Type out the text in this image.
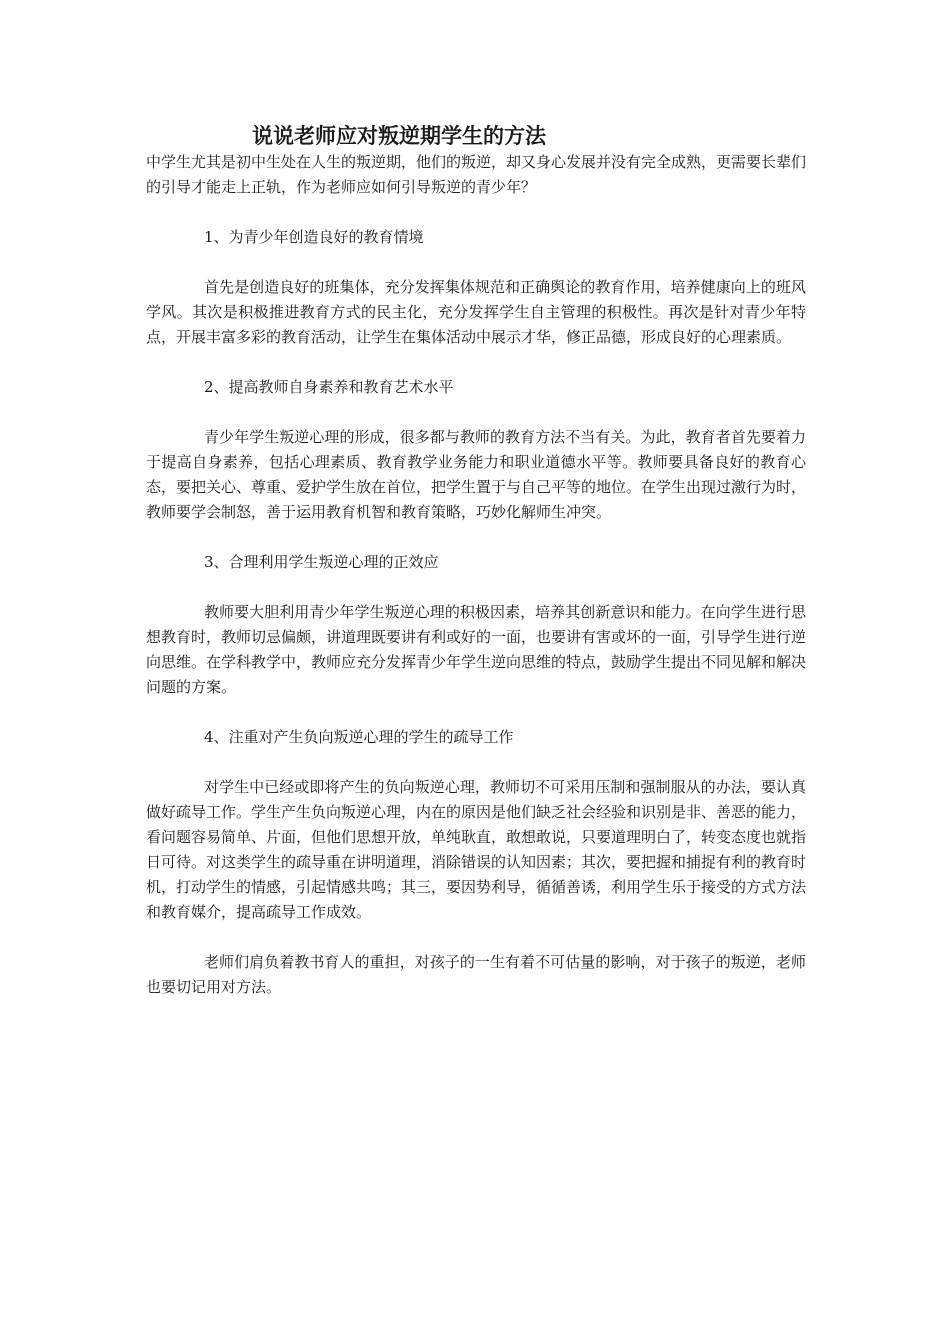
说说老师应对叛逆期学生的方法

中学生尤其是初中生处在人生的叛逆期，他们的叛逆，却又身心发展并没有完全成熟，更需要长辈们的引导才能走上正轨，作为老师应如何引导叛逆的青少年？

1、为青少年创造良好的教育情境

首先是创造良好的班集体，充分发挥集体规范和正确舆论的教育作用，培养健康向上的班风学风。其次是积极推进教育方式的民主化，充分发挥学生自主管理的积极性。再次是针对青少年特点，开展丰富多彩的教育活动，让学生在集体活动中展示才华，修正品德，形成良好的心理素质。

2、提高教师自身素养和教育艺术水平

青少年学生叛逆心理的形成，很多都与教师的教育方法不当有关。为此，教育者首先要着力于提高自身素养，包括心理素质、教育教学业务能力和职业道德水平等。教师要具备良好的教育心态，要把关心、尊重、爱护学生放在首位，把学生置于与自己平等的地位。在学生出现过激行为时，教师要学会制怒，善于运用教育机智和教育策略，巧妙化解师生冲突。

3、合理利用学生叛逆心理的正效应

教师要大胆利用青少年学生叛逆心理的积极因素，培养其创新意识和能力。在向学生进行思想教育时，教师切忌偏颇，讲道理既要讲有利或好的一面，也要讲有害或坏的一面，引导学生进行逆向思维。在学科教学中，教师应充分发挥青少年学生逆向思维的特点，鼓励学生提出不同见解和解决问题的方案。

4、注重对产生负向叛逆心理的学生的疏导工作

对学生中已经或即将产生的负向叛逆心理，教师切不可采用压制和强制服从的办法，要认真做好疏导工作。学生产生负向叛逆心理，内在的原因是他们缺乏社会经验和识别是非、善恶的能力，看问题容易简单、片面，但他们思想开放，单纯耿直，敢想敢说，只要道理明白了，转变态度也就指日可待。对这类学生的疏导重在讲明道理，消除错误的认知因素；其次，要把握和捕捉有利的教育时机，打动学生的情感，引起情感共鸣；其三，要因势利导，循循善诱，利用学生乐于接受的方式方法和教育媒介，提高疏导工作成效。

老师们肩负着教书育人的重担，对孩子的一生有着不可估量的影响，对于孩子的叛逆，老师也要切记用对方法。
